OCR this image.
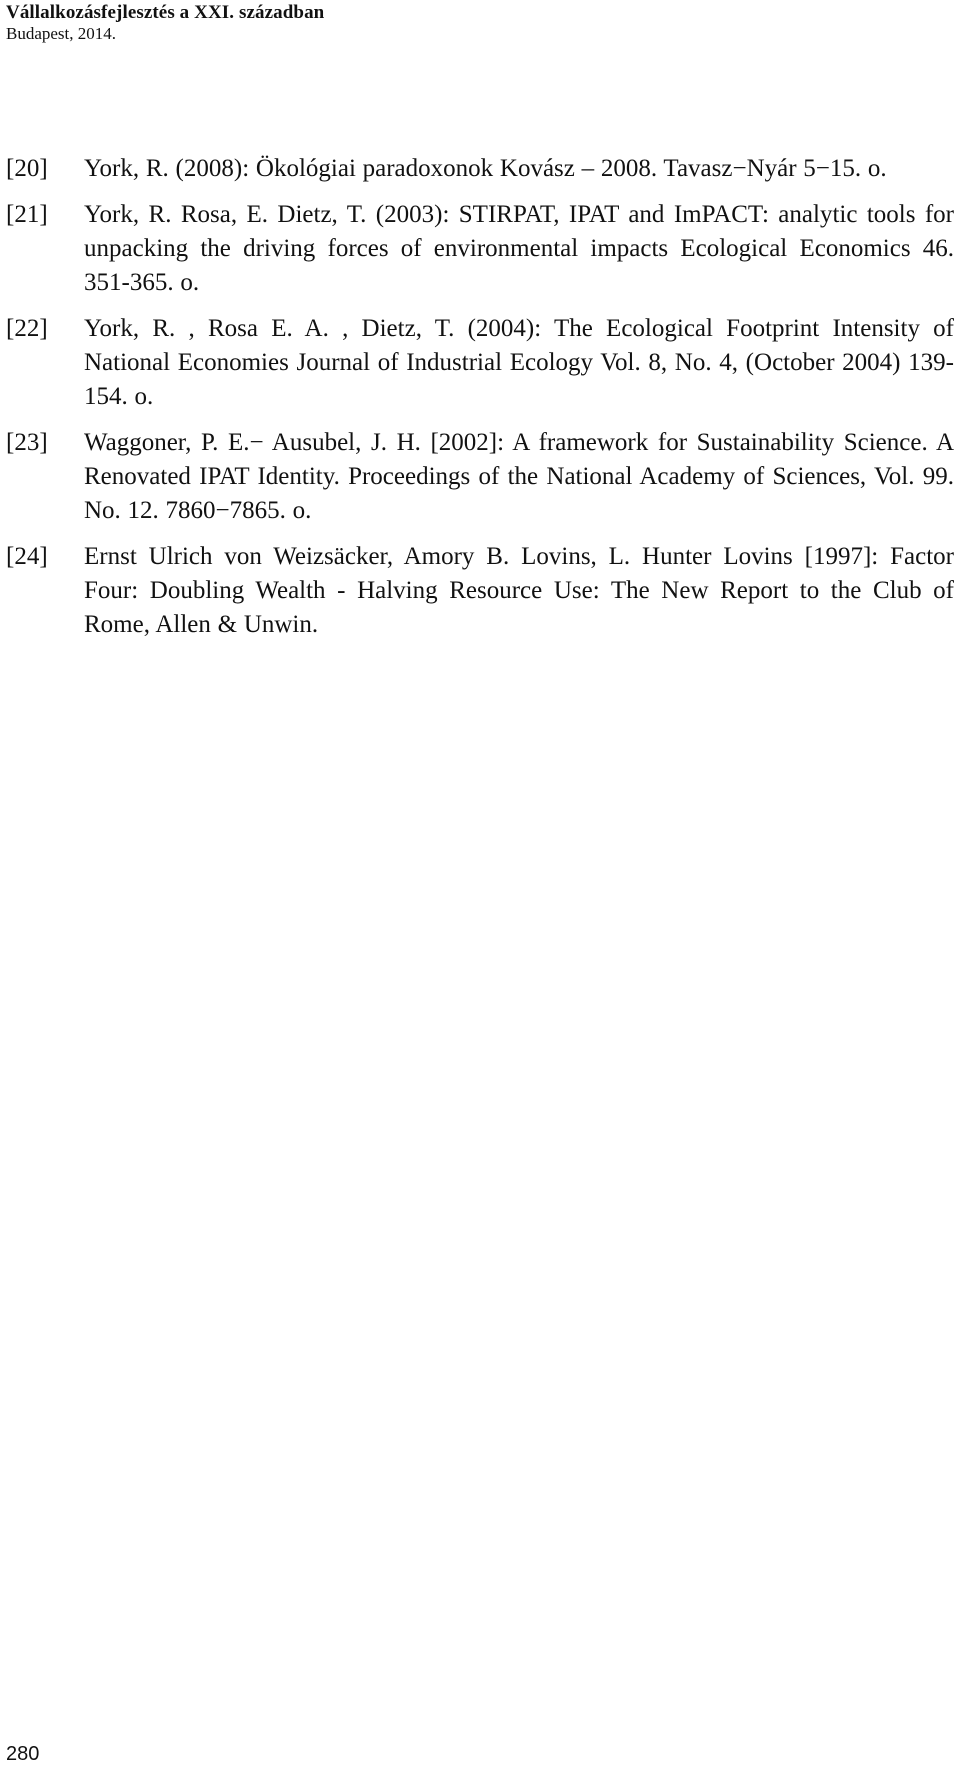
Vállalkozásfejlesztés a XXI. században
Budapest, 2014.
[20]	York, R. (2008): Ökológiai paradoxonok Kovász – 2008. Tavasz−Nyár 5−15. o.
[21]	York, R. Rosa, E. Dietz, T. (2003): STIRPAT, IPAT and ImPACT: analytic tools for unpacking the driving forces of environmental impacts Ecological Economics 46. 351-365. o.
[22]	York, R. , Rosa E. A. , Dietz, T. (2004): The Ecological Footprint Intensity of National Economies Journal of Industrial Ecology Vol. 8, No. 4, (October 2004) 139-154. o.
[23]	Waggoner, P. E.− Ausubel, J. H. [2002]: A framework for Sustainability Science. A Renovated IPAT Identity. Proceedings of the National Academy of Sciences, Vol. 99. No. 12. 7860−7865. o.
[24]	Ernst Ulrich von Weizsäcker, Amory B. Lovins, L. Hunter Lovins [1997]: Factor Four: Doubling Wealth - Halving Resource Use: The New Report to the Club of Rome, Allen & Unwin.
280
